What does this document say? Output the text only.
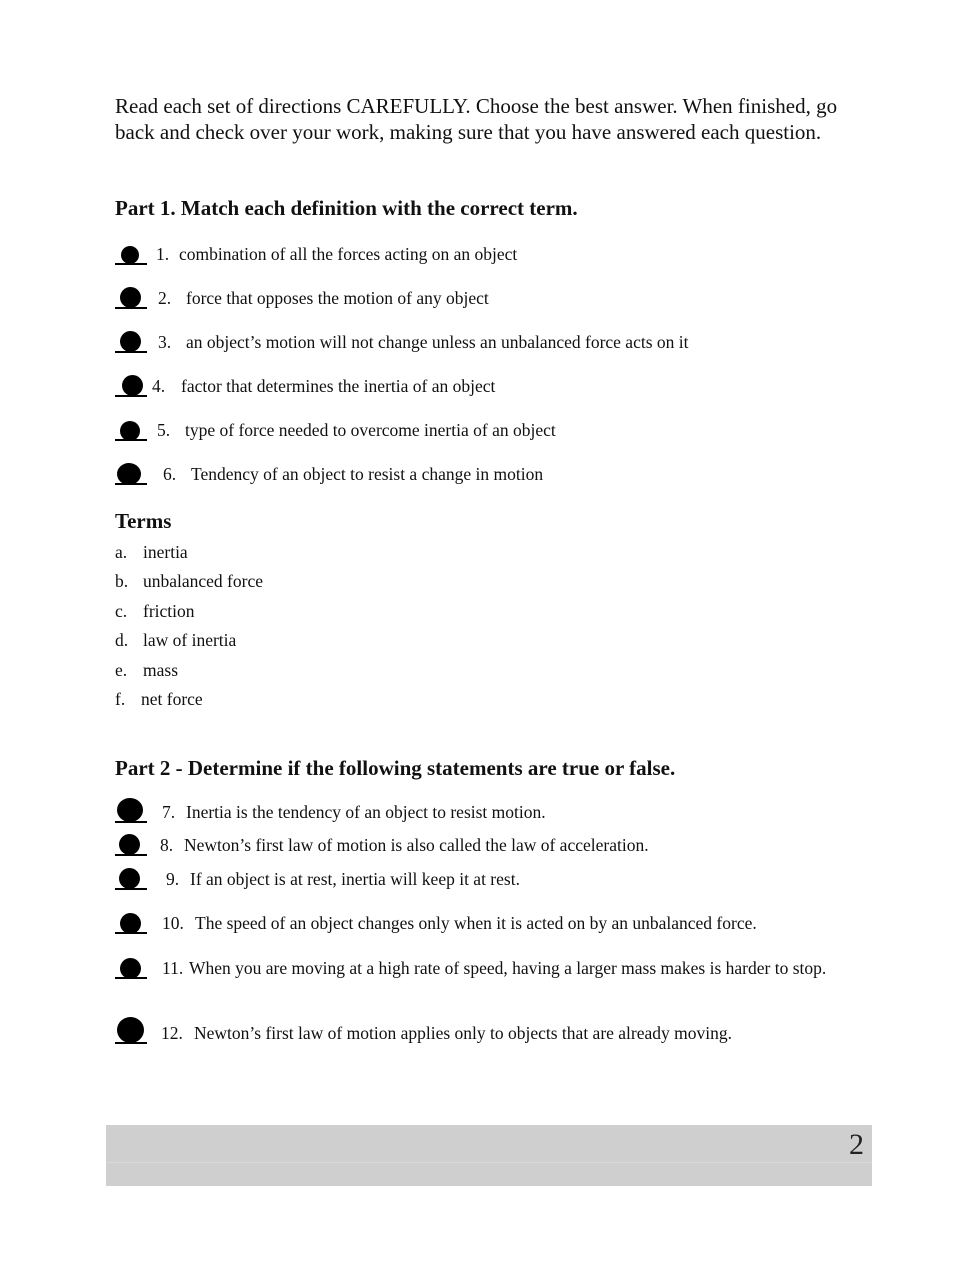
Read each set of directions CAREFULLY. Choose the best answer. When finished, go back and check over your work, making sure that you have answered each question.
Part 1. Match each definition with the correct term.
1. combination of all the forces acting on an object
2. force that opposes the motion of any object
3. an object’s motion will not change unless an unbalanced force acts on it
4. factor that determines the inertia of an object
5. type of force needed to overcome inertia of an object
6. Tendency of an object to resist a change in motion
Terms
a. inertia
b. unbalanced force
c. friction
d. law of inertia
e. mass
f. net force
Part 2 - Determine if the following statements are true or false.
7. Inertia is the tendency of an object to resist motion.
8. Newton’s first law of motion is also called the law of acceleration.
9. If an object is at rest, inertia will keep it at rest.
10. The speed of an object changes only when it is acted on by an unbalanced force.
11. When you are moving at a high rate of speed, having a larger mass makes is harder to stop.
12. Newton’s first law of motion applies only to objects that are already moving.
2
